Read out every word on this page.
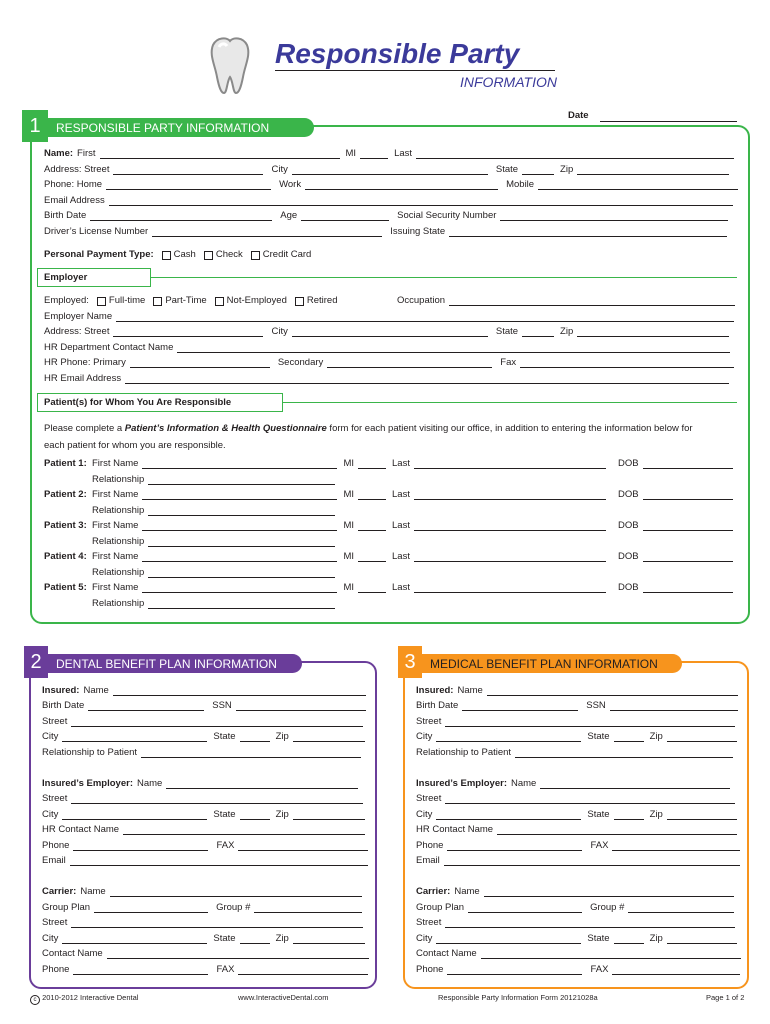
Responsible Party
INFORMATION
Date
1	RESPONSIBLE PARTY INFORMATION
Name: First	MI	Last
Address: Street	City	State	Zip
Phone: Home	Work	Mobile
Email Address
Birth Date	Age	Social Security Number
Driver’s License Number	Issuing State
Personal Payment Type: Cash Check Credit Card
Employer
Employed: Full-time Part-Time Not-Employed Retired	Occupation
Employer Name
Address: Street	City	State	Zip
HR Department Contact Name
HR Phone: Primary	Secondary	Fax
HR Email Address
Patient(s) for Whom You Are Responsible
Please complete a Patient’s Information & Health Questionnaire form for each patient visiting our office, in addition to entering the information below for
each patient for whom you are responsible.
Patient 1: First Name	MI	Last	DOB
Relationship
Patient 2: First Name	MI	Last	DOB
Relationship
Patient 3: First Name	MI	Last	DOB
Relationship
Patient 4: First Name	MI	Last	DOB
Relationship
Patient 5: First Name	MI	Last	DOB
Relationship
2	DENTAL BENEFIT PLAN INFORMATION
Insured: Name
Birth Date	SSN
Street
City	State	Zip
Relationship to Patient
Insured’s Employer: Name
Street
City	State	Zip
HR Contact Name
Phone	FAX
Email
Carrier: Name
Group Plan	Group #
Street
City	State	Zip
Contact Name
Phone	FAX
3	MEDICAL BENEFIT PLAN INFORMATION
Insured: Name
Birth Date	SSN
Street
City	State	Zip
Relationship to Patient
Insured’s Employer: Name
Street
City	State	Zip
HR Contact Name
Phone	FAX
Email
Carrier: Name
Group Plan	Group #
Street
City	State	Zip
Contact Name
Phone	FAX
c 2010-2012 Interactive Dental	www.InteractiveDental.com	Responsible Party Information Form 20121028a	Page 1 of 2
